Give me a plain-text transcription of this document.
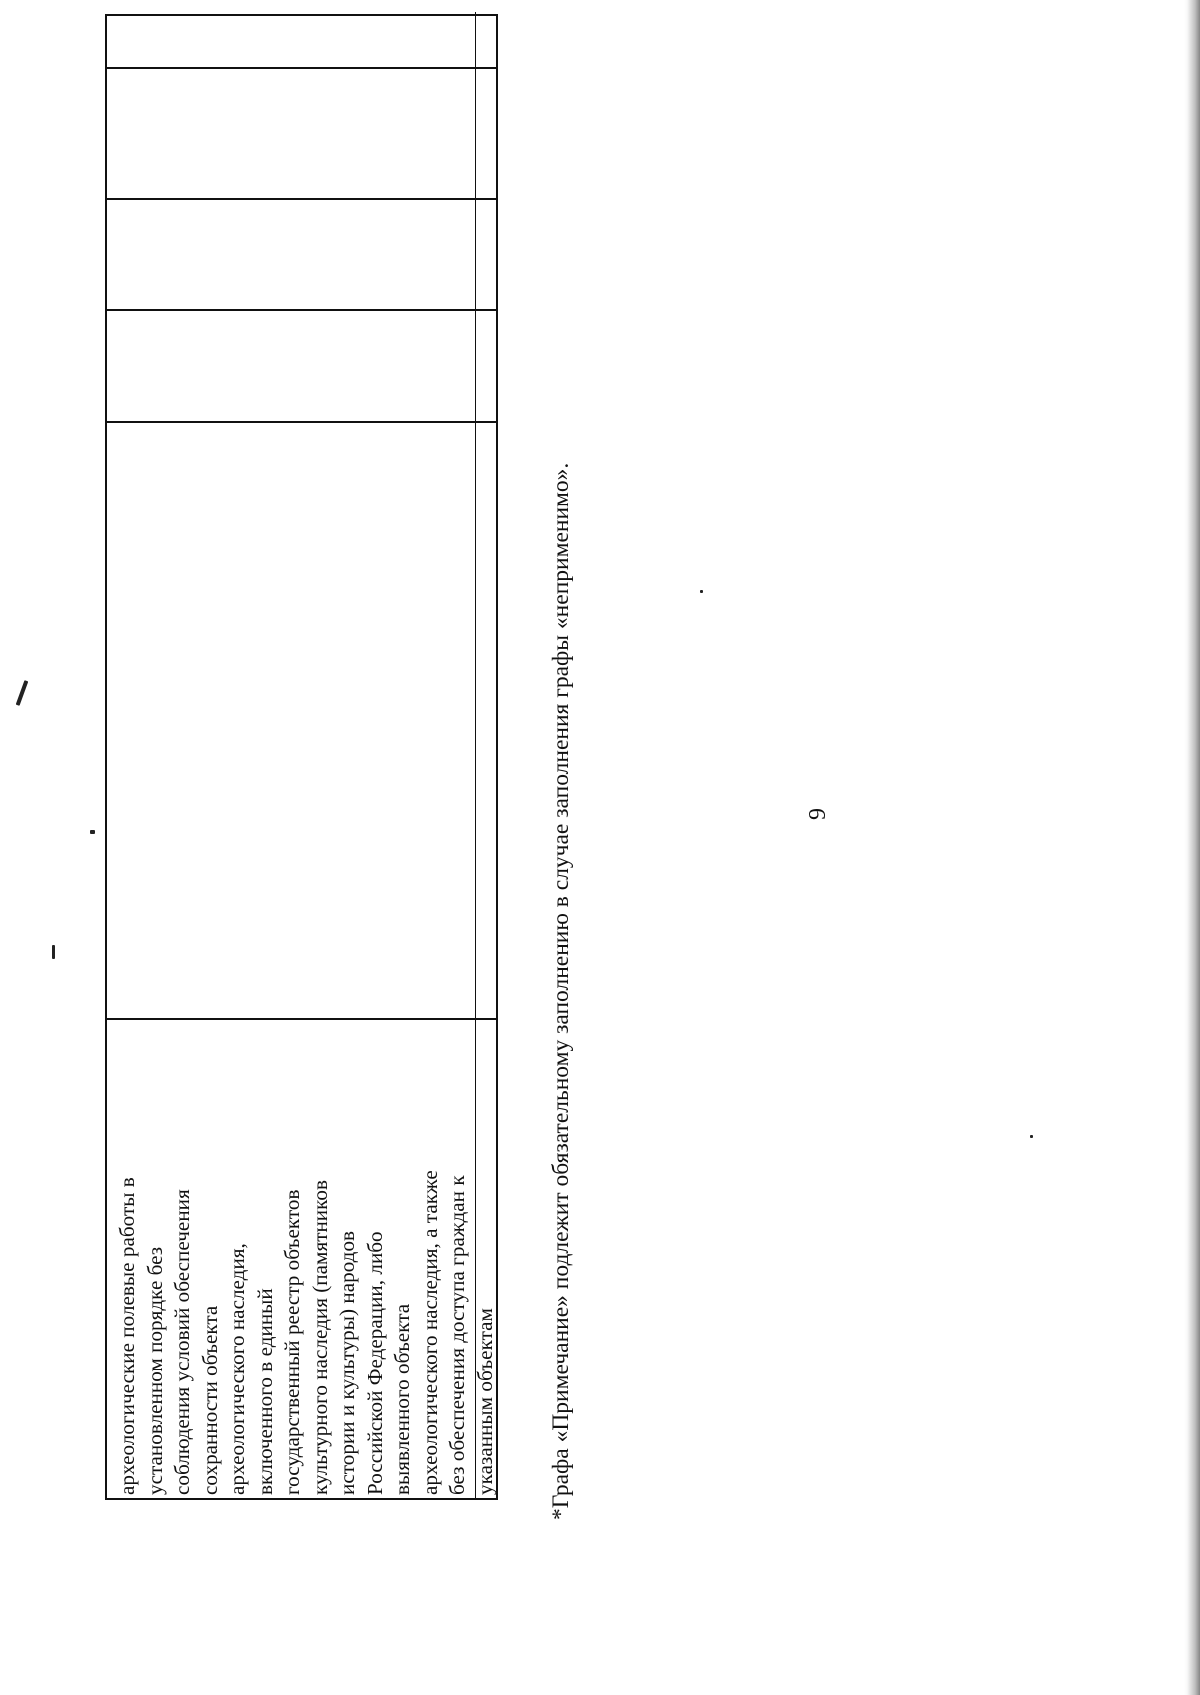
9
археологические полевые работы в установленном порядке без соблюдения условий обеспечения сохранности объекта археологического наследия, включенного в единый государственный реестр объектов культурного наследия (памятников истории и культуры) народов Российской Федерации, либо выявленного объекта археологического наследия, а также без обеспечения доступа граждан к указанным объектам *Графа «Примечание» подлежит обязательному заполнению в случае заполнения графы «неприменимо».
